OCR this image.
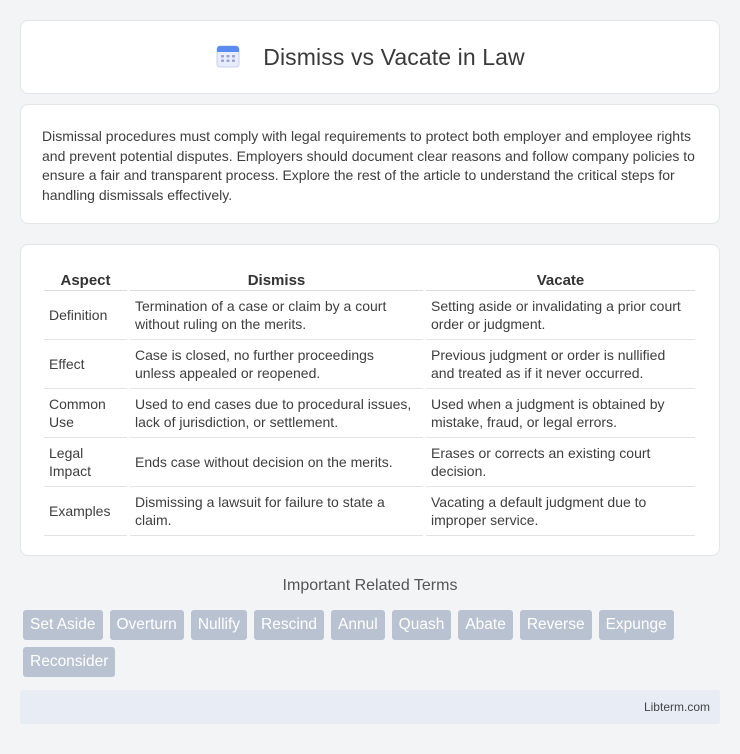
Dismiss vs Vacate in Law

Dismissal procedures must comply with legal requirements to protect both employer and employee rights and prevent potential disputes. Employers should document clear reasons and follow company policies to ensure a fair and transparent process. Explore the rest of the article to understand the critical steps for handling dismissals effectively.

Aspect	Dismiss	Vacate
Definition	Termination of a case or claim by a court without ruling on the merits.	Setting aside or invalidating a prior court order or judgment.
Effect	Case is closed, no further proceedings unless appealed or reopened.	Previous judgment or order is nullified and treated as if it never occurred.
Common Use	Used to end cases due to procedural issues, lack of jurisdiction, or settlement.	Used when a judgment is obtained by mistake, fraud, or legal errors.
Legal Impact	Ends case without decision on the merits.	Erases or corrects an existing court decision.
Examples	Dismissing a lawsuit for failure to state a claim.	Vacating a default judgment due to improper service.
Important Related Terms
Set Aside	Overturn	Nullify	Rescind	Annul	Quash	Abate	Reverse	Expunge
Reconsider
Libterm.com
